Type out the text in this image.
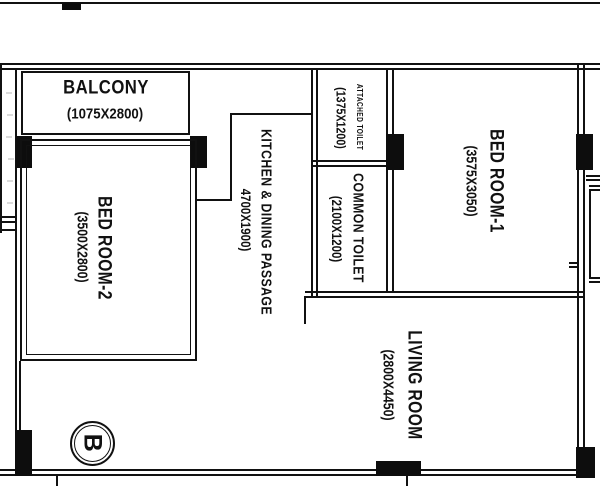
BALCONY
(1075X2800)
BED ROOM-2
(3500X2800)	KITCHEN & DINING PASSAGE
4700X1900)
ATTACHED TOILET
(1375X1200)
COMMON TOILET
(2100X1200)	BED ROOM-1
(3575X3050)
LIVING ROOM
(2800X4450)
B
